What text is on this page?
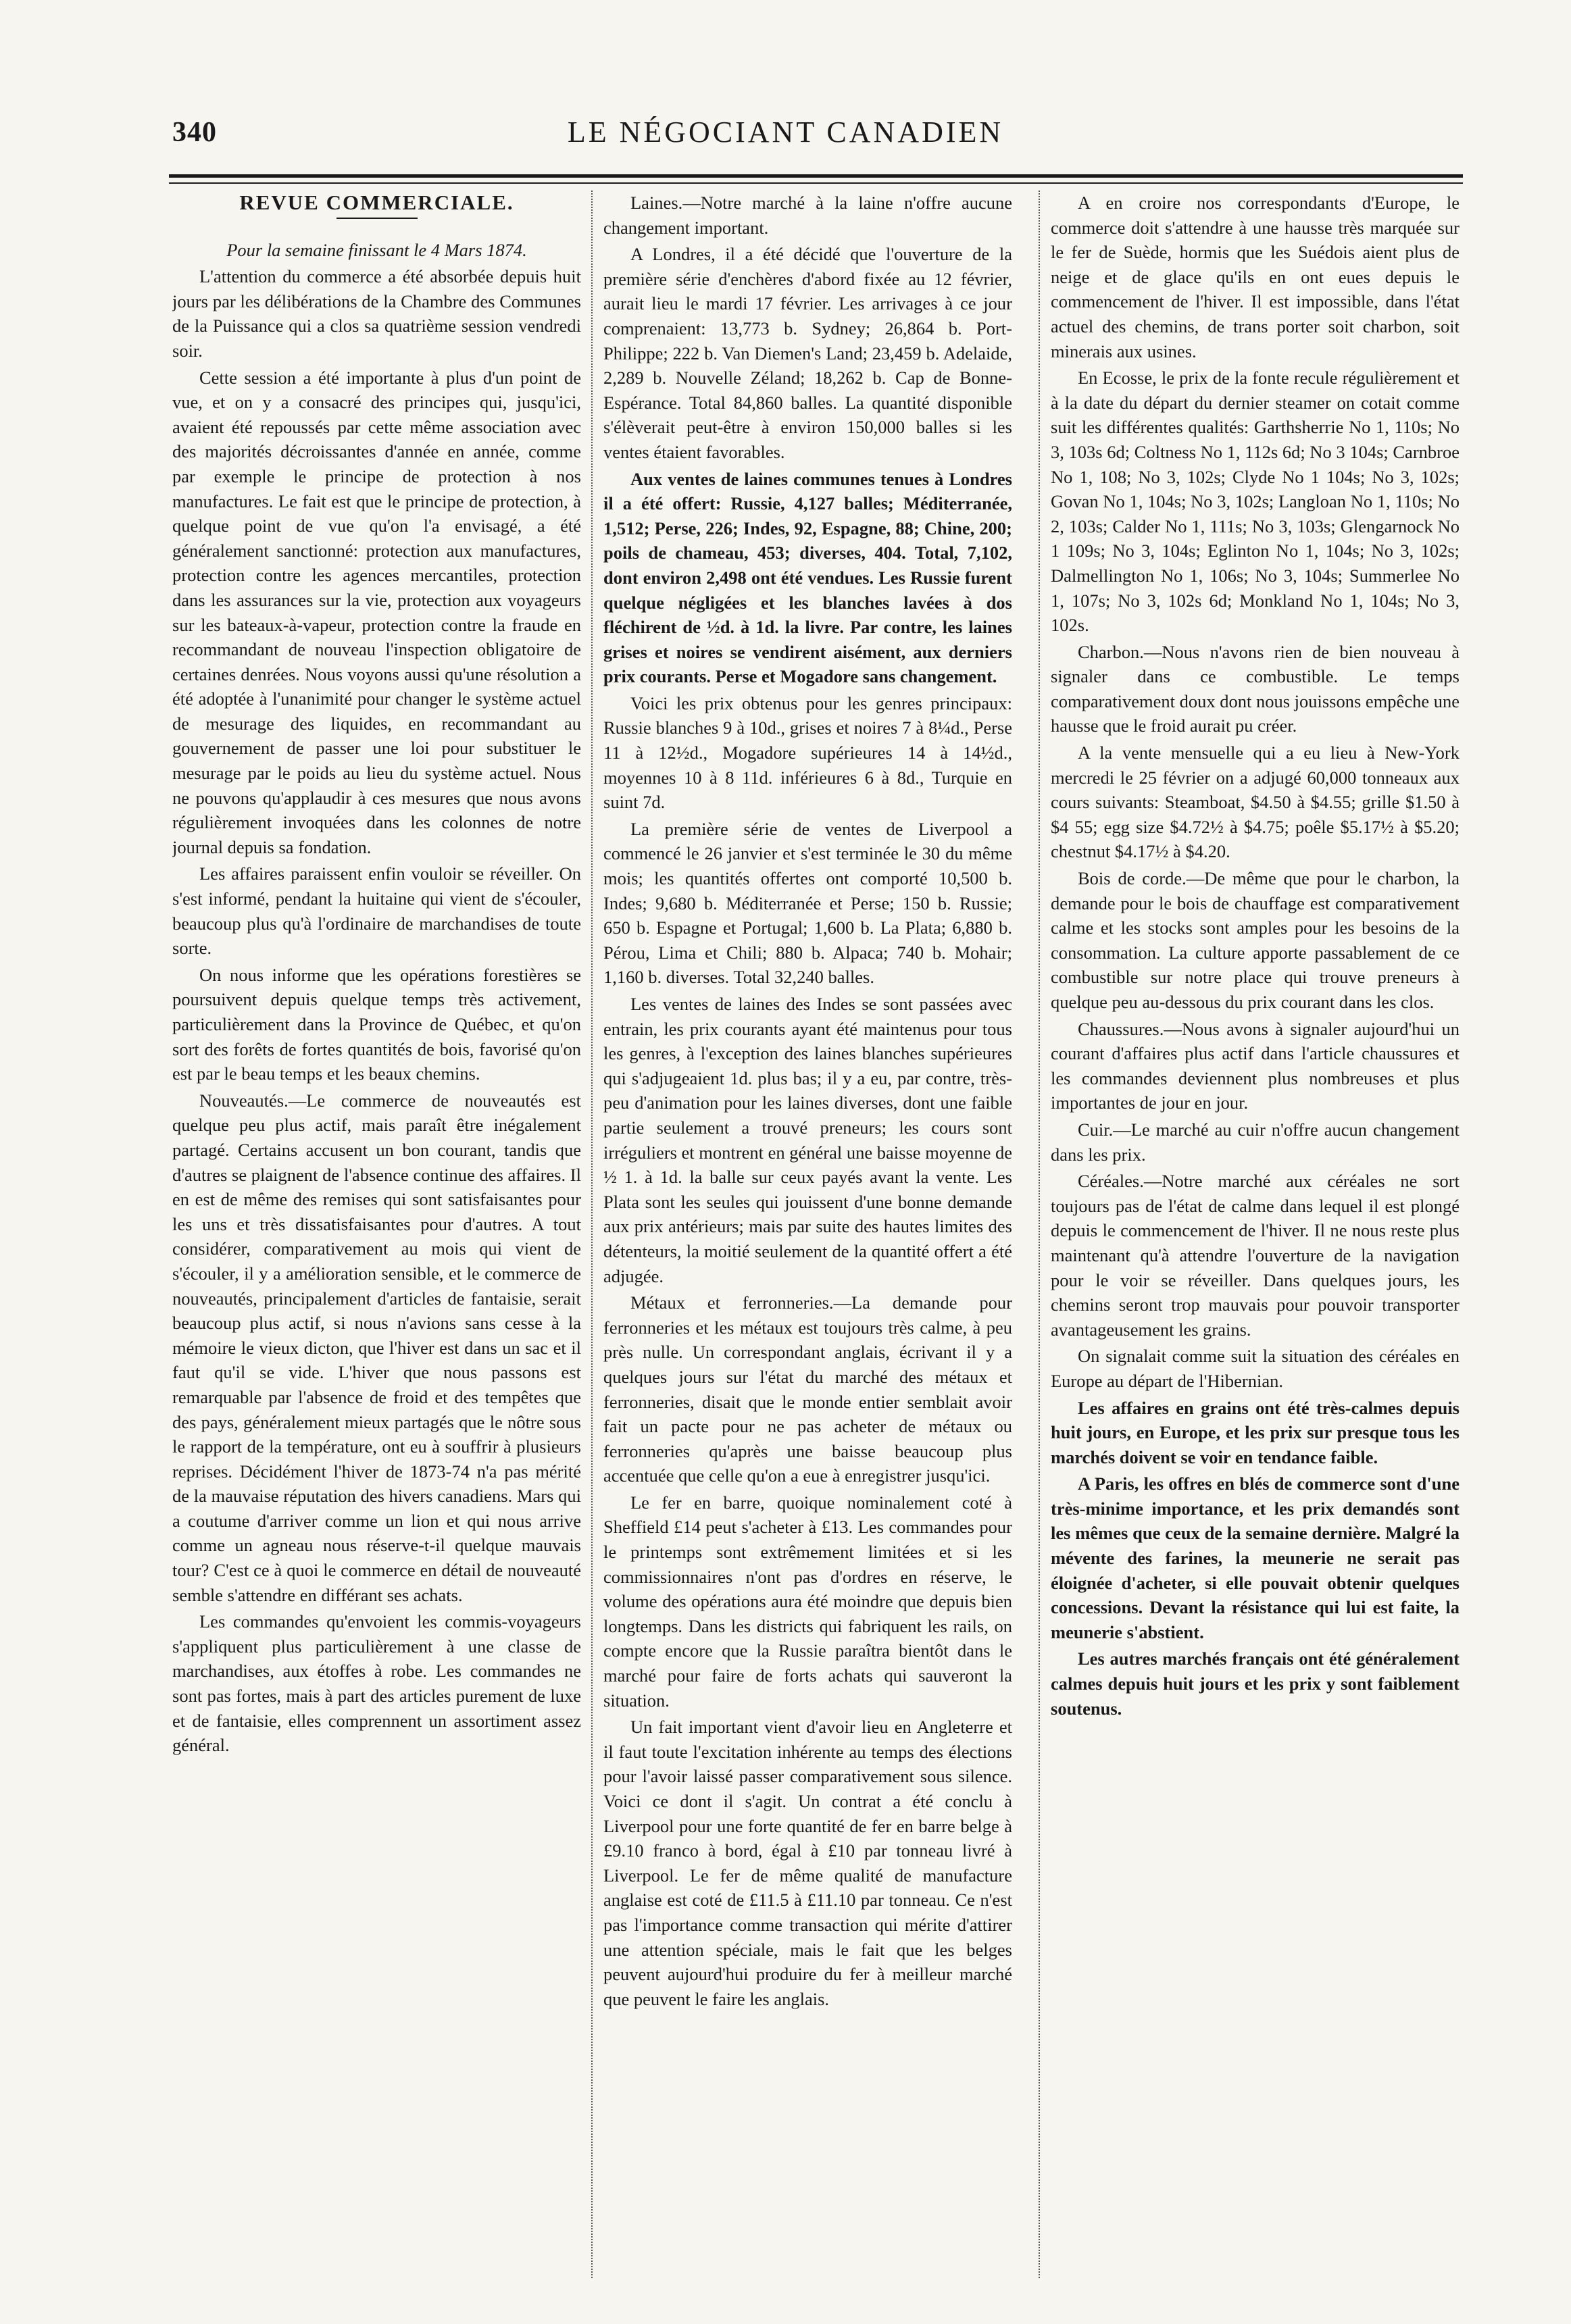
340	LE NÉGOCIANT CANADIEN

REVUE COMMERCIALE.

Pour la semaine finissant le 4 Mars 1874.

L'attention du commerce a été absorbée depuis huit jours par les délibérations de la Chambre des Communes de la Puissance qui a clos sa quatrième session vendredi soir.

Cette session a été importante à plus d'un point de vue, et on y a consacré des principes qui, jusqu'ici, avaient été repoussés par cette même association avec des majorités décroissantes d'année en année, comme par exemple le principe de protection à nos manufactures. Le fait est que le principe de protection, à quelque point de vue qu'on l'a envisagé, a été généralement sanctionné: protection aux manufactures, protection contre les agences mercantiles, protection dans les assurances sur la vie, protection aux voyageurs sur les bateaux-à-vapeur, protection contre la fraude en recommandant de nouveau l'inspection obligatoire de certaines denrées. Nous voyons aussi qu'une résolution a été adoptée à l'unanimité pour changer le système actuel de mesurage des liquides, en recommandant au gouvernement de passer une loi pour substituer le mesurage par le poids au lieu du système actuel. Nous ne pouvons qu'applaudir à ces mesures que nous avons régulièrement invoquées dans les colonnes de notre journal depuis sa fondation.

Les affaires paraissent enfin vouloir se réveiller. On s'est informé, pendant la huitaine qui vient de s'écouler, beaucoup plus qu'à l'ordinaire de marchandises de toute sorte.

On nous informe que les opérations forestières se poursuivent depuis quelque temps très activement, particulièrement dans la Province de Québec, et qu'on sort des forêts de fortes quantités de bois, favorisé qu'on est par le beau temps et les beaux chemins.

Nouveautés.—Le commerce de nouveautés est quelque peu plus actif, mais paraît être inégalement partagé. Certains accusent un bon courant, tandis que d'autres se plaignent de l'absence continue des affaires. Il en est de même des remises qui sont satisfaisantes pour les uns et très dissatisfaisantes pour d'autres. A tout considérer, comparativement au mois qui vient de s'écouler, il y a amélioration sensible, et le commerce de nouveautés, principalement d'articles de fantaisie, serait beaucoup plus actif, si nous n'avions sans cesse à la mémoire le vieux dicton, que l'hiver est dans un sac et il faut qu'il se vide. L'hiver que nous passons est remarquable par l'absence de froid et des tempêtes que des pays, généralement mieux partagés que le nôtre sous le rapport de la température, ont eu à souffrir à plusieurs reprises. Décidément l'hiver de 1873-74 n'a pas mérité de la mauvaise réputation des hivers canadiens. Mars qui a coutume d'arriver comme un lion et qui nous arrive comme un agneau nous réserve-t-il quelque mauvais tour? C'est ce à quoi le commerce en détail de nouveauté semble s'attendre en différant ses achats.

Les commandes qu'envoient les commis-voyageurs s'appliquent plus particulièrement à une classe de marchandises, aux étoffes à robe. Les commandes ne sont pas fortes, mais à part des articles purement de luxe et de fantaisie, elles comprennent un assortiment assez général.

Laines.—Notre marché à la laine n'offre aucune changement important.

A Londres, il a été décidé que l'ouverture de la première série d'enchères d'abord fixée au 12 février, aurait lieu le mardi 17 février. Les arrivages à ce jour comprenaient: 13,773 b. Sydney; 26,864 b. Port-Philippe; 222 b. Van Diemen's Land; 23,459 b. Adelaide, 2,289 b. Nouvelle Zéland; 18,262 b. Cap de Bonne-Espérance. Total 84,860 balles. La quantité disponible s'élèverait peut-être à environ 150,000 balles si les ventes étaient favorables.

Aux ventes de laines communes tenues à Londres il a été offert: Russie, 4,127 balles; Méditerranée, 1,512; Perse, 226; Indes, 92, Espagne, 88; Chine, 200; poils de chameau, 453; diverses, 404. Total, 7,102, dont environ 2,498 ont été vendues. Les Russie furent quelque négligées et les blanches lavées à dos fléchirent de ½d. à 1d. la livre. Par contre, les laines grises et noires se vendirent aisément, aux derniers prix courants. Perse et Mogadore sans changement.

Voici les prix obtenus pour les genres principaux: Russie blanches 9 à 10d., grises et noires 7 à 8¼d., Perse 11 à 12½d., Mogadore supérieures 14 à 14½d., moyennes 10 à 8 11d. inférieures 6 à 8d., Turquie en suint 7d.

La première série de ventes de Liverpool a commencé le 26 janvier et s'est terminée le 30 du même mois; les quantités offertes ont comporté 10,500 b. Indes; 9,680 b. Méditerranée et Perse; 150 b. Russie; 650 b. Espagne et Portugal; 1,600 b. La Plata; 6,880 b. Pérou, Lima et Chili; 880 b. Alpaca; 740 b. Mohair; 1,160 b. diverses. Total 32,240 balles.

Les ventes de laines des Indes se sont passées avec entrain, les prix courants ayant été maintenus pour tous les genres, à l'exception des laines blanches supérieures qui s'adjugeaient 1d. plus bas; il y a eu, par contre, très-peu d'animation pour les laines diverses, dont une faible partie seulement a trouvé preneurs; les cours sont irréguliers et montrent en général une baisse moyenne de ½ 1. à 1d. la balle sur ceux payés avant la vente. Les Plata sont les seules qui jouissent d'une bonne demande aux prix antérieurs; mais par suite des hautes limites des détenteurs, la moitié seulement de la quantité offert a été adjugée.

Métaux et ferronneries.—La demande pour ferronneries et les métaux est toujours très calme, à peu près nulle. Un correspondant anglais, écrivant il y a quelques jours sur l'état du marché des métaux et ferronneries, disait que le monde entier semblait avoir fait un pacte pour ne pas acheter de métaux ou ferronneries qu'après une baisse beaucoup plus accentuée que celle qu'on a eue à enregistrer jusqu'ici.

Le fer en barre, quoique nominalement coté à Sheffield £14 peut s'acheter à £13. Les commandes pour le printemps sont extrêmement limitées et si les commissionnaires n'ont pas d'ordres en réserve, le volume des opérations aura été moindre que depuis bien longtemps. Dans les districts qui fabriquent les rails, on compte encore que la Russie paraîtra bientôt dans le marché pour faire de forts achats qui sauveront la situation.

Un fait important vient d'avoir lieu en Angleterre et il faut toute l'excitation inhérente au temps des élections pour l'avoir laissé passer comparativement sous silence. Voici ce dont il s'agit. Un contrat a été conclu à Liverpool pour une forte quantité de fer en barre belge à £9.10 franco à bord, égal à £10 par tonneau livré à Liverpool. Le fer de même qualité de manufacture anglaise est coté de £11.5 à £11.10 par tonneau. Ce n'est pas l'importance comme transaction qui mérite d'attirer une attention spéciale, mais le fait que les belges peuvent aujourd'hui produire du fer à meilleur marché que peuvent le faire les anglais.

A en croire nos correspondants d'Europe, le commerce doit s'attendre à une hausse très marquée sur le fer de Suède, hormis que les Suédois aient plus de neige et de glace qu'ils en ont eues depuis le commencement de l'hiver. Il est impossible, dans l'état actuel des chemins, de trans porter soit charbon, soit minerais aux usines.

En Ecosse, le prix de la fonte recule régulièrement et à la date du départ du dernier steamer on cotait comme suit les différentes qualités: Garthsherrie No 1, 110s; No 3, 103s 6d; Coltness No 1, 112s 6d; No 3 104s; Carnbroe No 1, 108; No 3, 102s; Clyde No 1 104s; No 3, 102s; Govan No 1, 104s; No 3, 102s; Langloan No 1, 110s; No 2, 103s; Calder No 1, 111s; No 3, 103s; Glengarnock No 1 109s; No 3, 104s; Eglinton No 1, 104s; No 3, 102s; Dalmellington No 1, 106s; No 3, 104s; Summerlee No 1, 107s; No 3, 102s 6d; Monkland No 1, 104s; No 3, 102s.

Charbon.—Nous n'avons rien de bien nouveau à signaler dans ce combustible. Le temps comparativement doux dont nous jouissons empêche une hausse que le froid aurait pu créer.

A la vente mensuelle qui a eu lieu à New-York mercredi le 25 février on a adjugé 60,000 tonneaux aux cours suivants: Steamboat, $4.50 à $4.55; grille $1.50 à $4 55; egg size $4.72½ à $4.75; poêle $5.17½ à $5.20; chestnut $4.17½ à $4.20.

Bois de corde.—De même que pour le charbon, la demande pour le bois de chauffage est comparativement calme et les stocks sont amples pour les besoins de la consommation. La culture apporte passablement de ce combustible sur notre place qui trouve preneurs à quelque peu au-dessous du prix courant dans les clos.

Chaussures.—Nous avons à signaler aujourd'hui un courant d'affaires plus actif dans l'article chaussures et les commandes deviennent plus nombreuses et plus importantes de jour en jour.

Cuir.—Le marché au cuir n'offre aucun changement dans les prix.

Céréales.—Notre marché aux céréales ne sort toujours pas de l'état de calme dans lequel il est plongé depuis le commencement de l'hiver. Il ne nous reste plus maintenant qu'à attendre l'ouverture de la navigation pour le voir se réveiller. Dans quelques jours, les chemins seront trop mauvais pour pouvoir transporter avantageusement les grains.

On signalait comme suit la situation des céréales en Europe au départ de l'Hibernian.

Les affaires en grains ont été très-calmes depuis huit jours, en Europe, et les prix sur presque tous les marchés doivent se voir en tendance faible.

A Paris, les offres en blés de commerce sont d'une très-minime importance, et les prix demandés sont les mêmes que ceux de la semaine dernière. Malgré la mévente des farines, la meunerie ne serait pas éloignée d'acheter, si elle pouvait obtenir quelques concessions. Devant la résistance qui lui est faite, la meunerie s'abstient.

Les autres marchés français ont été généralement calmes depuis huit jours et les prix y sont faiblement soutenus.
